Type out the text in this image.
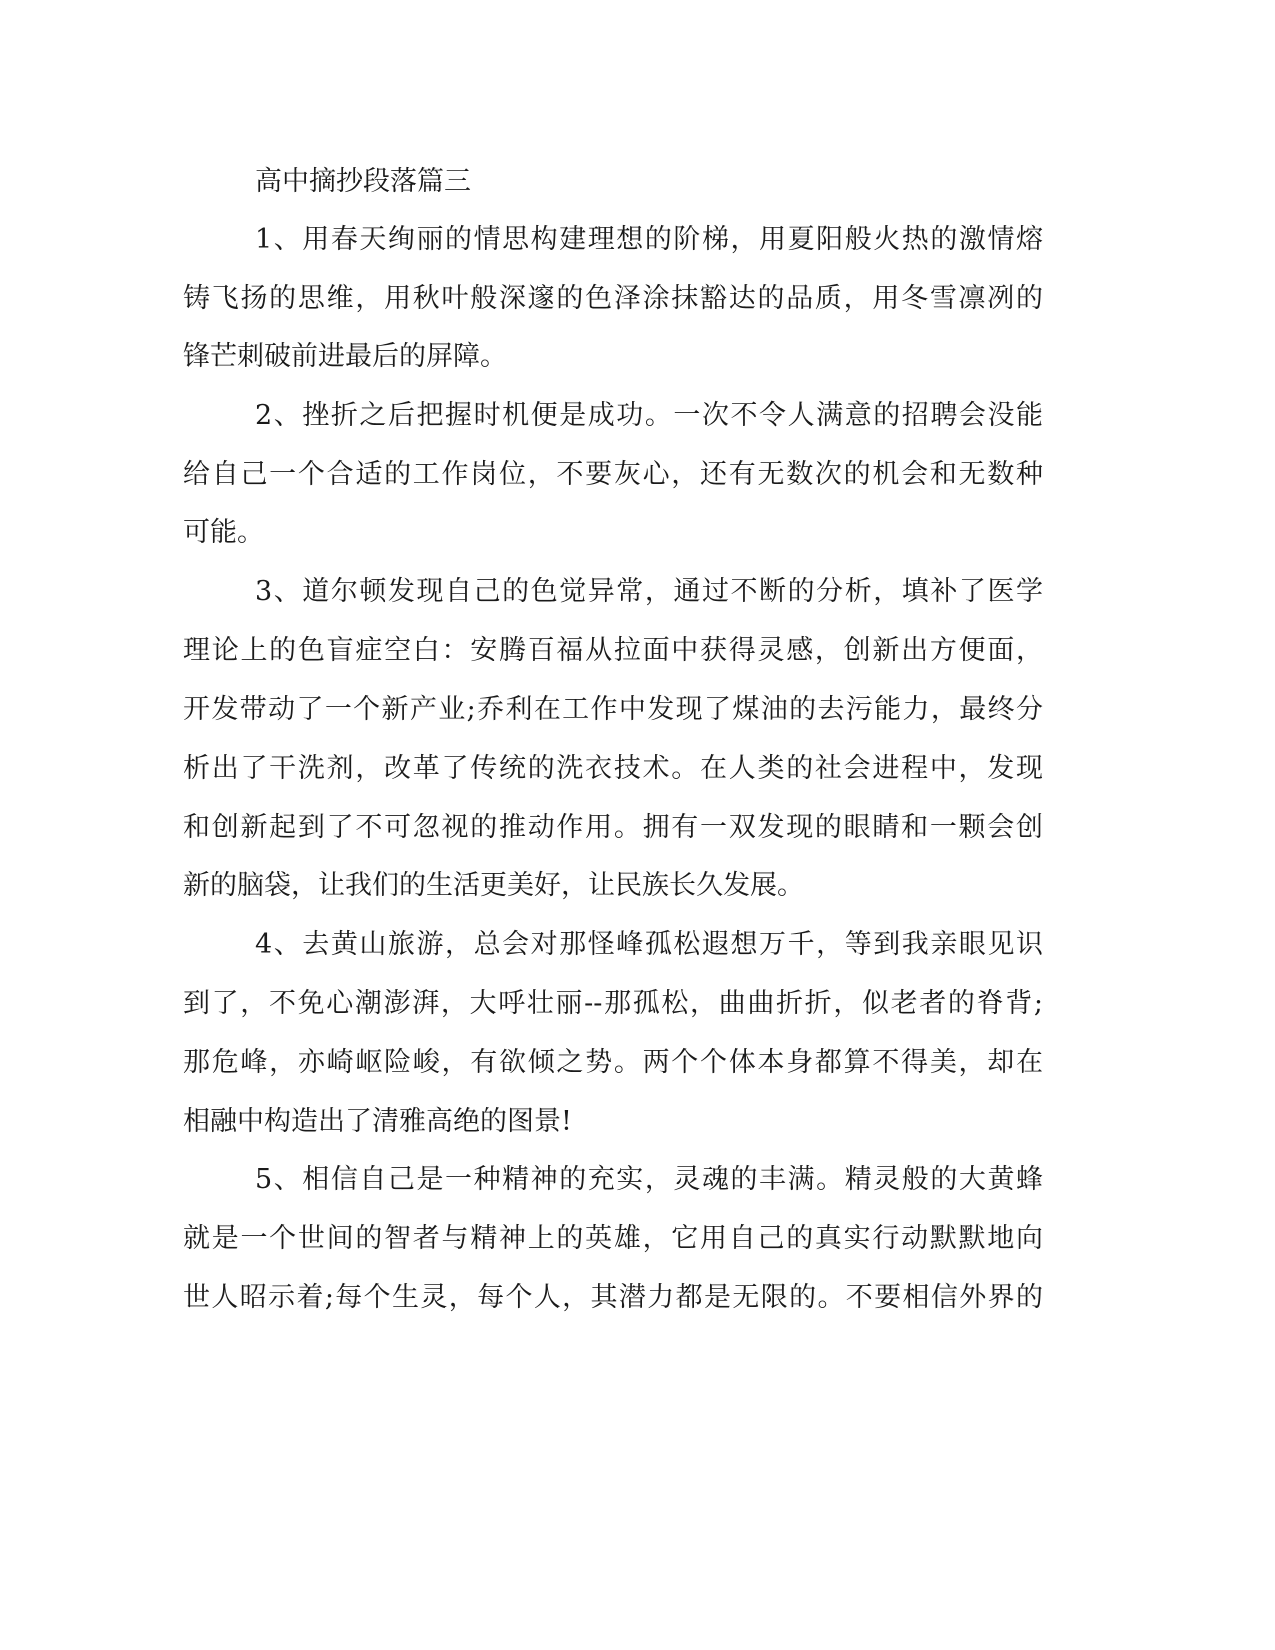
高中摘抄段落篇三
1、用春天绚丽的情思构建理想的阶梯，用夏阳般火热的激情熔
铸飞扬的思维，用秋叶般深邃的色泽涂抹豁达的品质，用冬雪凛冽的
锋芒刺破前进最后的屏障。
2、挫折之后把握时机便是成功。一次不令人满意的招聘会没能
给自己一个合适的工作岗位，不要灰心，还有无数次的机会和无数种
可能。
3、道尔顿发现自己的色觉异常，通过不断的分析，填补了医学
理论上的色盲症空白：安腾百福从拉面中获得灵感，创新出方便面，
开发带动了一个新产业;乔利在工作中发现了煤油的去污能力，最终分
析出了干洗剂，改革了传统的洗衣技术。在人类的社会进程中，发现
和创新起到了不可忽视的推动作用。拥有一双发现的眼睛和一颗会创
新的脑袋，让我们的生活更美好，让民族长久发展。
4、去黄山旅游，总会对那怪峰孤松遐想万千，等到我亲眼见识
到了，不免心潮澎湃，大呼壮丽--那孤松，曲曲折折，似老者的脊背;
那危峰，亦崎岖险峻，有欲倾之势。两个个体本身都算不得美，却在
相融中构造出了清雅高绝的图景!
5、相信自己是一种精神的充实，灵魂的丰满。精灵般的大黄蜂
就是一个世间的智者与精神上的英雄，它用自己的真实行动默默地向
世人昭示着;每个生灵，每个人，其潜力都是无限的。不要相信外界的
